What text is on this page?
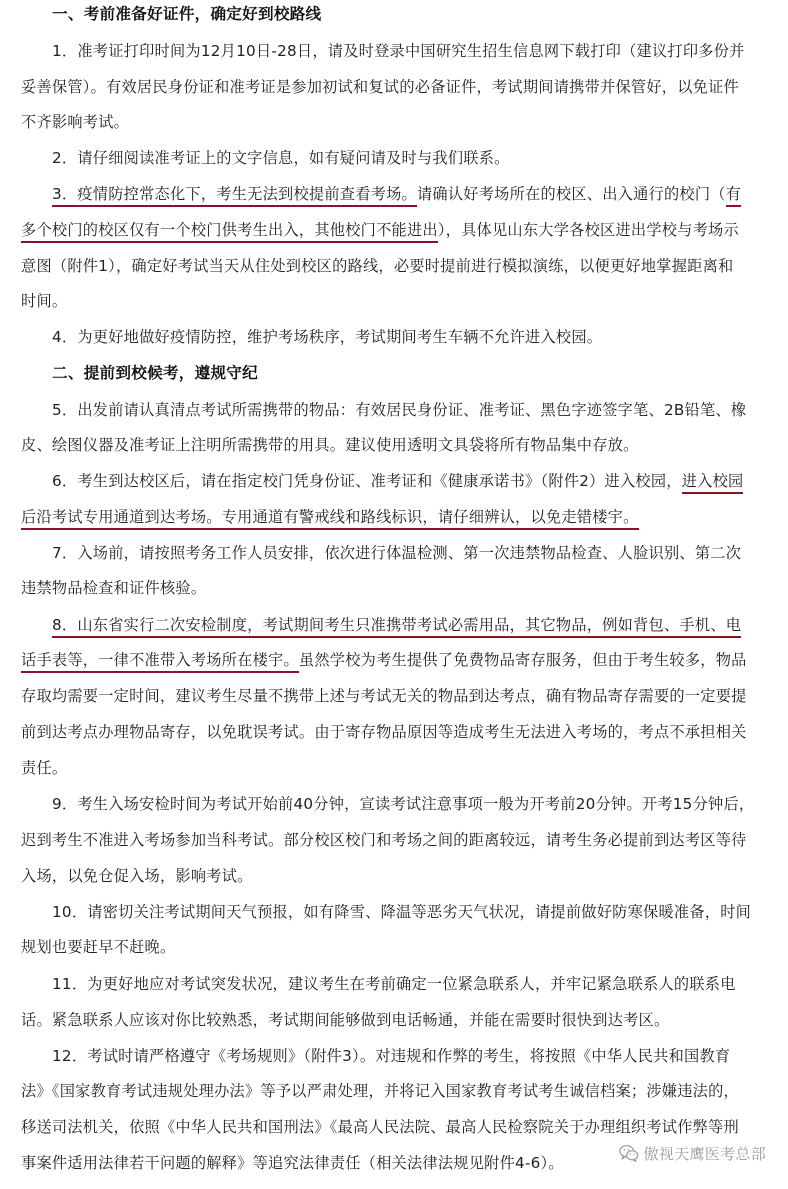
一、考前准备好证件，确定好到校路线
1．准考证打印时间为12月10日-28日，请及时登录中国研究生招生信息网下载打印（建议打印多份并
妥善保管）。有效居民身份证和准考证是参加初试和复试的必备证件，考试期间请携带并保管好，以免证件
不齐影响考试。
2．请仔细阅读准考证上的文字信息，如有疑问请及时与我们联系。
3．疫情防控常态化下，考生无法到校提前查看考场。请确认好考场所在的校区、出入通行的校门（有
多个校门的校区仅有一个校门供考生出入，其他校门不能进出），具体见山东大学各校区进出学校与考场示
意图（附件1），确定好考试当天从住处到校区的路线，必要时提前进行模拟演练，以便更好地掌握距离和
时间。
4．为更好地做好疫情防控，维护考场秩序，考试期间考生车辆不允许进入校园。
二、提前到校候考，遵规守纪
5．出发前请认真清点考试所需携带的物品：有效居民身份证、准考证、黑色字迹签字笔、2B铅笔、橡
皮、绘图仪器及准考证上注明所需携带的用具。建议使用透明文具袋将所有物品集中存放。
6．考生到达校区后，请在指定校门凭身份证、准考证和《健康承诺书》（附件2）进入校园，进入校园
后沿考试专用通道到达考场。专用通道有警戒线和路线标识，请仔细辨认，以免走错楼宇。
7．入场前，请按照考务工作人员安排，依次进行体温检测、第一次违禁物品检查、人脸识别、第二次
违禁物品检查和证件核验。
8．山东省实行二次安检制度，考试期间考生只准携带考试必需用品，其它物品，例如背包、手机、电
话手表等，一律不准带入考场所在楼宇。虽然学校为考生提供了免费物品寄存服务，但由于考生较多，物品
存取均需要一定时间，建议考生尽量不携带上述与考试无关的物品到达考点，确有物品寄存需要的一定要提
前到达考点办理物品寄存，以免耽误考试。由于寄存物品原因等造成考生无法进入考场的，考点不承担相关
责任。
9．考生入场安检时间为考试开始前40分钟，宣读考试注意事项一般为开考前20分钟。开考15分钟后，
迟到考生不准进入考场参加当科考试。部分校区校门和考场之间的距离较远，请考生务必提前到达考区等待
入场，以免仓促入场，影响考试。
10．请密切关注考试期间天气预报，如有降雪、降温等恶劣天气状况，请提前做好防寒保暖准备，时间
规划也要赶早不赶晚。
11．为更好地应对考试突发状况，建议考生在考前确定一位紧急联系人，并牢记紧急联系人的联系电
话。紧急联系人应该对你比较熟悉，考试期间能够做到电话畅通，并能在需要时很快到达考区。
12．考试时请严格遵守《考场规则》（附件3）。对违规和作弊的考生，将按照《中华人民共和国教育
法》《国家教育考试违规处理办法》等予以严肃处理，并将记入国家教育考试考生诚信档案；涉嫌违法的，
移送司法机关，依照《中华人民共和国刑法》《最高人民法院、最高人民检察院关于办理组织考试作弊等刑
事案件适用法律若干问题的解释》等追究法律责任（相关法律法规见附件4-6）。
傲视天鹰医考总部
